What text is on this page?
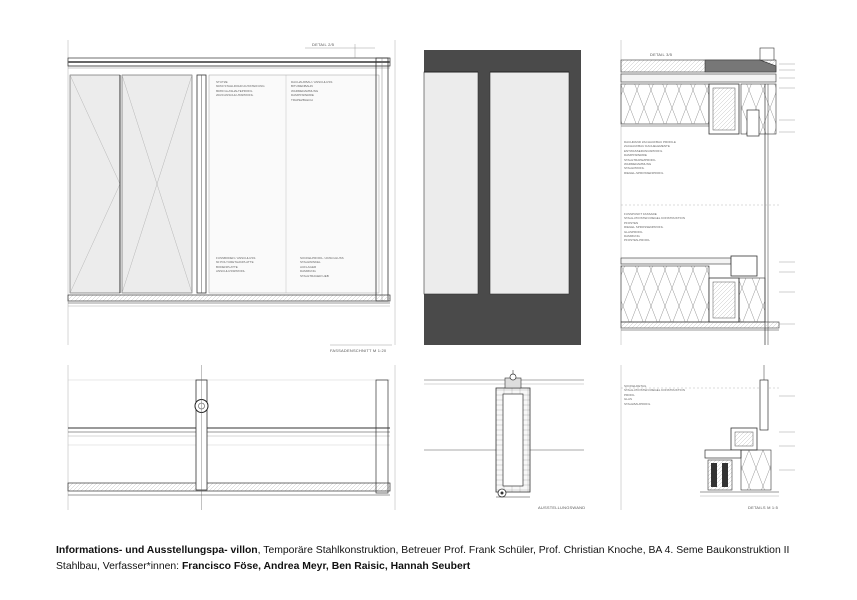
DETAIL 2/5
DETAIL 3/5
FASSADENSCHNITT M 1:20
AUSSTELLUNGSWAND	DETAILS M 1:5
STUTZE
60/60 STAHLROHR AUSSTEIFUNG
80/80 GLASHALTEPROFIL
20/20 ANSCHLUSSPROFIL
DACHAUFBAU / ANSCHLUSS
BITUMENBAHN
WARMEDAMMUNG
DAMPFSPERRE
TRAPEZBLECH
FUSSBODEN / ANSCHLUSS
60 POLYURETHANPLATTE
BODENPLATTE
ANSCHLUSSPROFIL
SOCKELPROFIL / ANSCHLUSS
STAHLWINKEL
AUFLAGER
DAMMUNG
STAHLTRAGER HEB
DACHRAND ZACHAUFBAU PROFILE
ZACHAUFBAU DACHELEMENTE
ENTWASSERUNGSPROFIL
DAMPFSPERRE
STAHLTRAPEZPROFIL
WARMEDAMMUNG
STAHLPROFIL
RIEGEL-SPROSSENPROFIL
FUSSPUNKT FASSADE
STAHL-PFOSTEN RIEGEL KONSTRUKTION
PFOSTEN
RIEGEL SPROSSENPROFIL
GLASPROFIL
DAMMUNG
PFOSTEN-PROFIL
SOCKELDETAIL
STAHL-PFOSTEN RIEGEL KONSTRUKTION
PROFIL
GLAS
STAHLBAUPROFIL
Informations- und Ausstellungspa- villon, Temporäre Stahlkonstruktion, Betreuer Prof. Frank Schüler, Prof. Christian Knoche, BA 4. Seme Baukonstruktion II Stahlbau, Verfasser*innen: Francisco Föse, Andrea Meyr, Ben Raisic, Hannah Seubert
